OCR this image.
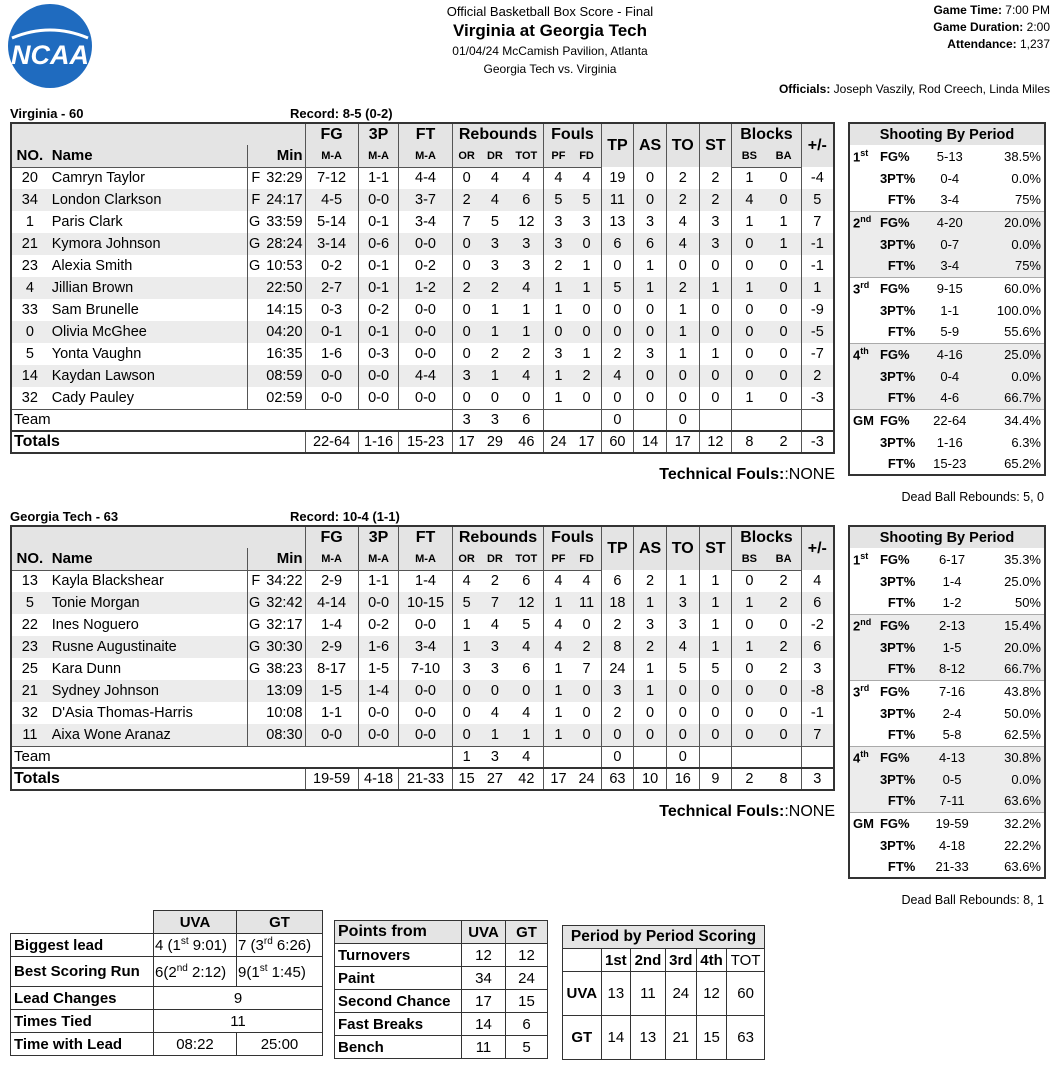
NCAA
Official Basketball Box Score - Final
Virginia at Georgia Tech
01/04/24 McCamish Pavilion, Atlanta
Georgia Tech vs. Virginia
Game Time: 7:00 PM
Game Duration: 2:00
Attendance: 1,237
Officials: Joseph Vaszily, Rod Creech, Linda Miles
Virginia - 60	Record: 8-5 (0-2)
			FG	3P	FT	Rebounds			Fouls		TP	AS	TO	ST	Blocks		+/-
NO.	Name	Min	M-A	M-A	M-A	OR	DR	TOT	PF	FD					BS	BA	
20	Camryn Taylor	F 32:29	7-12	1-1	4-4	0	4	4	4	4	19	0	2	2	1	0	-4
34	London Clarkson	F 24:17	4-5	0-0	3-7	2	4	6	5	5	11	0	2	2	4	0	5
1	Paris Clark	G 33:59	5-14	0-1	3-4	7	5	12	3	3	13	3	4	3	1	1	7
21	Kymora Johnson	G 28:24	3-14	0-6	0-0	0	3	3	3	0	6	6	4	3	0	1	-1
23	Alexia Smith	G 10:53	0-2	0-1	0-2	0	3	3	2	1	0	1	0	0	0	0	-1
4	Jillian Brown	22:50	2-7	0-1	1-2	2	2	4	1	1	5	1	2	1	1	0	1
33	Sam Brunelle	14:15	0-3	0-2	0-0	0	1	1	1	0	0	0	1	0	0	0	-9
0	Olivia McGhee	04:20	0-1	0-1	0-0	0	1	1	0	0	0	0	1	0	0	0	-5
5	Yonta Vaughn	16:35	1-6	0-3	0-0	0	2	2	3	1	2	3	1	1	0	0	-7
14	Kaydan Lawson	08:59	0-0	0-0	4-4	3	1	4	1	2	4	0	0	0	0	0	2
32	Cady Pauley	02:59	0-0	0-0	0-0	0	0	0	1	0	0	0	0	0	1	0	-3
Team						3	3	6			0		0				
Totals			22-64	1-16	15-23	17	29	46	24	17	60	14	17	12	8	2	-3
Technical Fouls::NONE
Shooting By Period			
1st	FG%	5-13	38.5%
	3PT%	0-4	0.0%
	FT%	3-4	75%
2nd	FG%	4-20	20.0%
	3PT%	0-7	0.0%
	FT%	3-4	75%
3rd	FG%	9-15	60.0%
	3PT%	1-1	100.0%
	FT%	5-9	55.6%
4th	FG%	4-16	25.0%
	3PT%	0-4	0.0%
	FT%	4-6	66.7%
GM	FG%	22-64	34.4%
	3PT%	1-16	6.3%
	FT%	15-23	65.2%
Dead Ball Rebounds: 5, 0
Georgia Tech - 63	Record: 10-4 (1-1)
			FG	3P	FT	Rebounds			Fouls		TP	AS	TO	ST	Blocks		+/-
NO.	Name	Min	M-A	M-A	M-A	OR	DR	TOT	PF	FD					BS	BA	
13	Kayla Blackshear	F 34:22	2-9	1-1	1-4	4	2	6	4	4	6	2	1	1	0	2	4
5	Tonie Morgan	G 32:42	4-14	0-0	10-15	5	7	12	1	11	18	1	3	1	1	2	6
22	Ines Noguero	G 32:17	1-4	0-2	0-0	1	4	5	4	0	2	3	3	1	0	0	-2
23	Rusne Augustinaite	G 30:30	2-9	1-6	3-4	1	3	4	4	2	8	2	4	1	1	2	6
25	Kara Dunn	G 38:23	8-17	1-5	7-10	3	3	6	1	7	24	1	5	5	0	2	3
21	Sydney Johnson	13:09	1-5	1-4	0-0	0	0	0	1	0	3	1	0	0	0	0	-8
32	D'Asia Thomas-Harris	10:08	1-1	0-0	0-0	0	4	4	1	0	2	0	0	0	0	0	-1
11	Aixa Wone Aranaz	08:30	0-0	0-0	0-0	0	1	1	1	0	0	0	0	0	0	0	7
Team						1	3	4			0		0				
Totals			19-59	4-18	21-33	15	27	42	17	24	63	10	16	9	2	8	3
Technical Fouls::NONE
Shooting By Period			
1st	FG%	6-17	35.3%
	3PT%	1-4	25.0%
	FT%	1-2	50%
2nd	FG%	2-13	15.4%
	3PT%	1-5	20.0%
	FT%	8-12	66.7%
3rd	FG%	7-16	43.8%
	3PT%	2-4	50.0%
	FT%	5-8	62.5%
4th	FG%	4-13	30.8%
	3PT%	0-5	0.0%
	FT%	7-11	63.6%
GM	FG%	19-59	32.2%
	3PT%	4-18	22.2%
	FT%	21-33	63.6%
Dead Ball Rebounds: 8, 1
	UVA	GT
Biggest lead	4 (1st 9:01)	7 (3rd 6:26)
Best Scoring Run	6(2nd 2:12)	9(1st 1:45)
Lead Changes	9	
Times Tied	11	
Time with Lead	08:22	25:00
Points from	UVA	GT
Turnovers	12	12
Paint	34	24
Second Chance	17	15
Fast Breaks	14	6
Bench	11	5
Period by Period Scoring					
	1st	2nd	3rd	4th	TOT
UVA	13	11	24	12	60
GT	14	13	21	15	63
